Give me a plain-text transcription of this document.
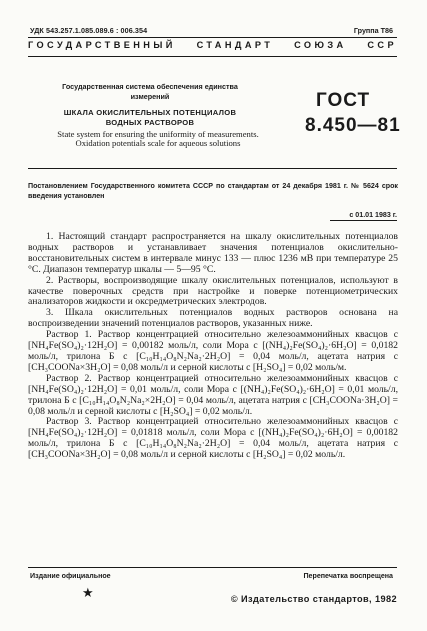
УДК 543.257.1.085.089.6 : 006.354	Группа Т86
ГОСУДАРСТВЕННЫЙ СТАНДАРТ СОЮЗА ССР
Государственная система обеспечения единства
измерений
ШКАЛА ОКИСЛИТЕЛЬНЫХ ПОТЕНЦИАЛОВ
ВОДНЫХ РАСТВОРОВ
State system for ensuring the uniformity of measurements.
Oxidation potentials scale for aqueous solutions
ГОСТ
8.450—81
Постановлением Государственного комитета СССР по стандартам от 24 декабря 1981 г. № 5624 срок введения установлен
с 01.01 1983 г.

1. Настоящий стандарт распространяется на шкалу окислительных потенциалов водных растворов и устанавливает значения потенциалов окислительно-восстановительных систем в интервале минус 133 — плюс 1236 мВ при температуре 25 °С. Диапазон температур шкалы — 5—95 °С.

2. Растворы, воспроизводящие шкалу окислительных потенциалов, используют в качестве поверочных средств при настройке и поверке потенциометрических анализаторов жидкости и оксредметрических электродов.

3. Шкала окислительных потенциалов водных растворов основана на воспроизведении значений потенциалов растворов, указанных ниже.

Раствор 1. Раствор концентрацией относительно железоаммонийных квасцов с [NH₄Fe(SO₄)₂·12H₂O] = 0,00182 моль/л, соли Мора с [(NH₄)₂Fe(SO₄)₂·6H₂O] = 0,0182 моль/л, трилона Б с [C₁₀H₁₄O₈N₂Na₂·2H₂O] = 0,04 моль/л, ацетата натрия с [CH₃COONa×3H₂O] = 0,08 моль/л и серной кислоты с [H₂SO₄] = 0,02 моль/м.

Раствор 2. Раствор концентрацией относительно железоаммонийных квасцов с [NH₄Fe(SO₄)₂·12H₂O] = 0,01 моль/л, соли Мора с [(NH₄)₂Fe(SO₄)₂·6H₂O] = 0,01 моль/л, трилона Б с [C₁₀H₁₄O₈N₂Na₂×2H₂O] = 0,04 моль/л, ацетата натрия с [CH₃COONa·3H₂O] = 0,08 моль/л и серной кислоты с [H₂SO₄] = 0,02 моль/л.

Раствор 3. Раствор концентрацией относительно железоаммонийных квасцов с [NH₄Fe(SO₄)₂·12H₂O] = 0,01818 моль/л, соли Мора с [(NH₄)₂Fe(SO₄)₂·6H₂O] = 0,00182 моль/л, трилона Б с [C₁₀H₁₄O₈N₂Na₂·2H₂O] = 0,04 моль/л, ацетата натрия с [CH₃COONa×3H₂O] = 0,08 моль/л и серной кислоты с [H₂SO₄] = 0,02 моль/л.

Издание официальное	Перепечатка воспрещена
★	© Издательство стандартов, 1982
